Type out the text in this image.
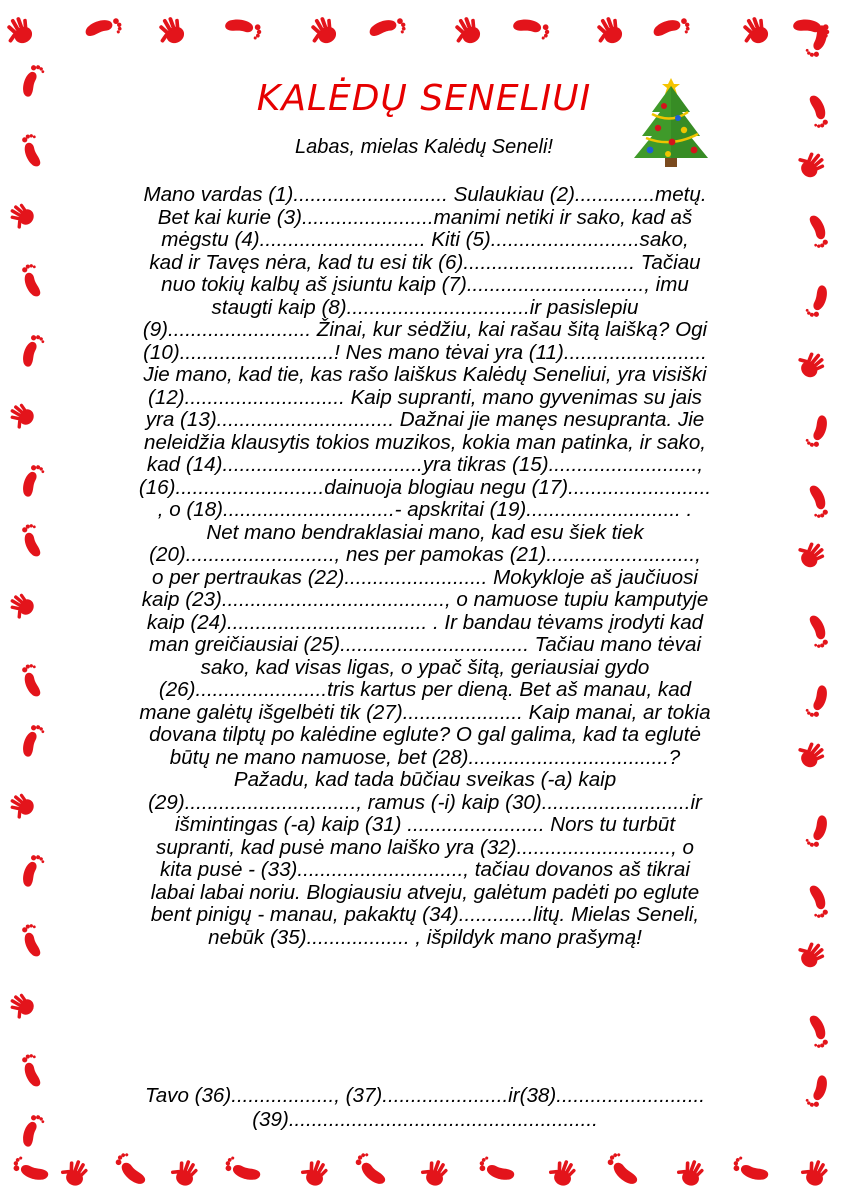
KALĖDŲ SENELIUI
Labas, mielas Kalėdų Seneli!
Mano vardas (1)........................... Sulaukiau (2)..............metų.
Bet kai kurie (3).......................manimi netiki ir sako, kad aš
mėgstu (4)............................. Kiti (5)..........................sako,
kad ir Tavęs nėra, kad tu esi tik (6).............................. Tačiau
nuo tokių kalbų aš įsiuntu kaip (7)..............................., imu
staugti kaip (8)................................ir pasislepiu
(9)......................... Žinai, kur sėdžiu, kai rašau šitą laišką? Ogi
(10)...........................! Nes mano tėvai yra (11).........................
Jie mano, kad tie, kas rašo laiškus Kalėdų Seneliui, yra visiški
(12)............................ Kaip supranti, mano gyvenimas su jais
yra (13)............................... Dažnai jie manęs nesupranta. Jie
neleidžia klausytis tokios muzikos, kokia man patinka, ir sako,
kad (14)...................................yra tikras (15)..........................,
(16)..........................dainuoja blogiau negu (17).........................
, o (18)..............................- apskritai (19)........................... .
Net mano bendraklasiai mano, kad esu šiek tiek
(20).........................., nes per pamokas (21)..........................,
o per pertraukas (22)......................... Mokykloje aš jaučiuosi
kaip (23)......................................., o namuose tupiu kamputyje
kaip (24)................................... . Ir bandau tėvams įrodyti kad
man greičiausiai (25)................................. Tačiau mano tėvai
sako, kad visas ligas, o ypač šitą, geriausiai gydo
(26).......................tris kartus per dieną. Bet aš manau, kad
mane galėtų išgelbėti tik (27)..................... Kaip manai, ar tokia
dovana tilptų po kalėdine eglute? O gal galima, kad ta eglutė
būtų ne mano namuose, bet (28)...................................?
Pažadu, kad tada būčiau sveikas (-a) kaip
(29).............................., ramus (-i) kaip (30)..........................ir
išmintingas (-a) kaip (31) ........................ Nors tu turbūt
supranti, kad pusė mano laiško yra (32)..........................., o
kita pusė - (33)............................., tačiau dovanos aš tikrai
labai labai noriu. Blogiausiu atveju, galėtum padėti po eglute
bent pinigų - manau, pakaktų (34).............litų. Mielas Seneli,
nebūk (35).................. , išpildyk mano prašymą!
Tavo (36).................., (37)......................ir(38)..........................
(39)......................................................
